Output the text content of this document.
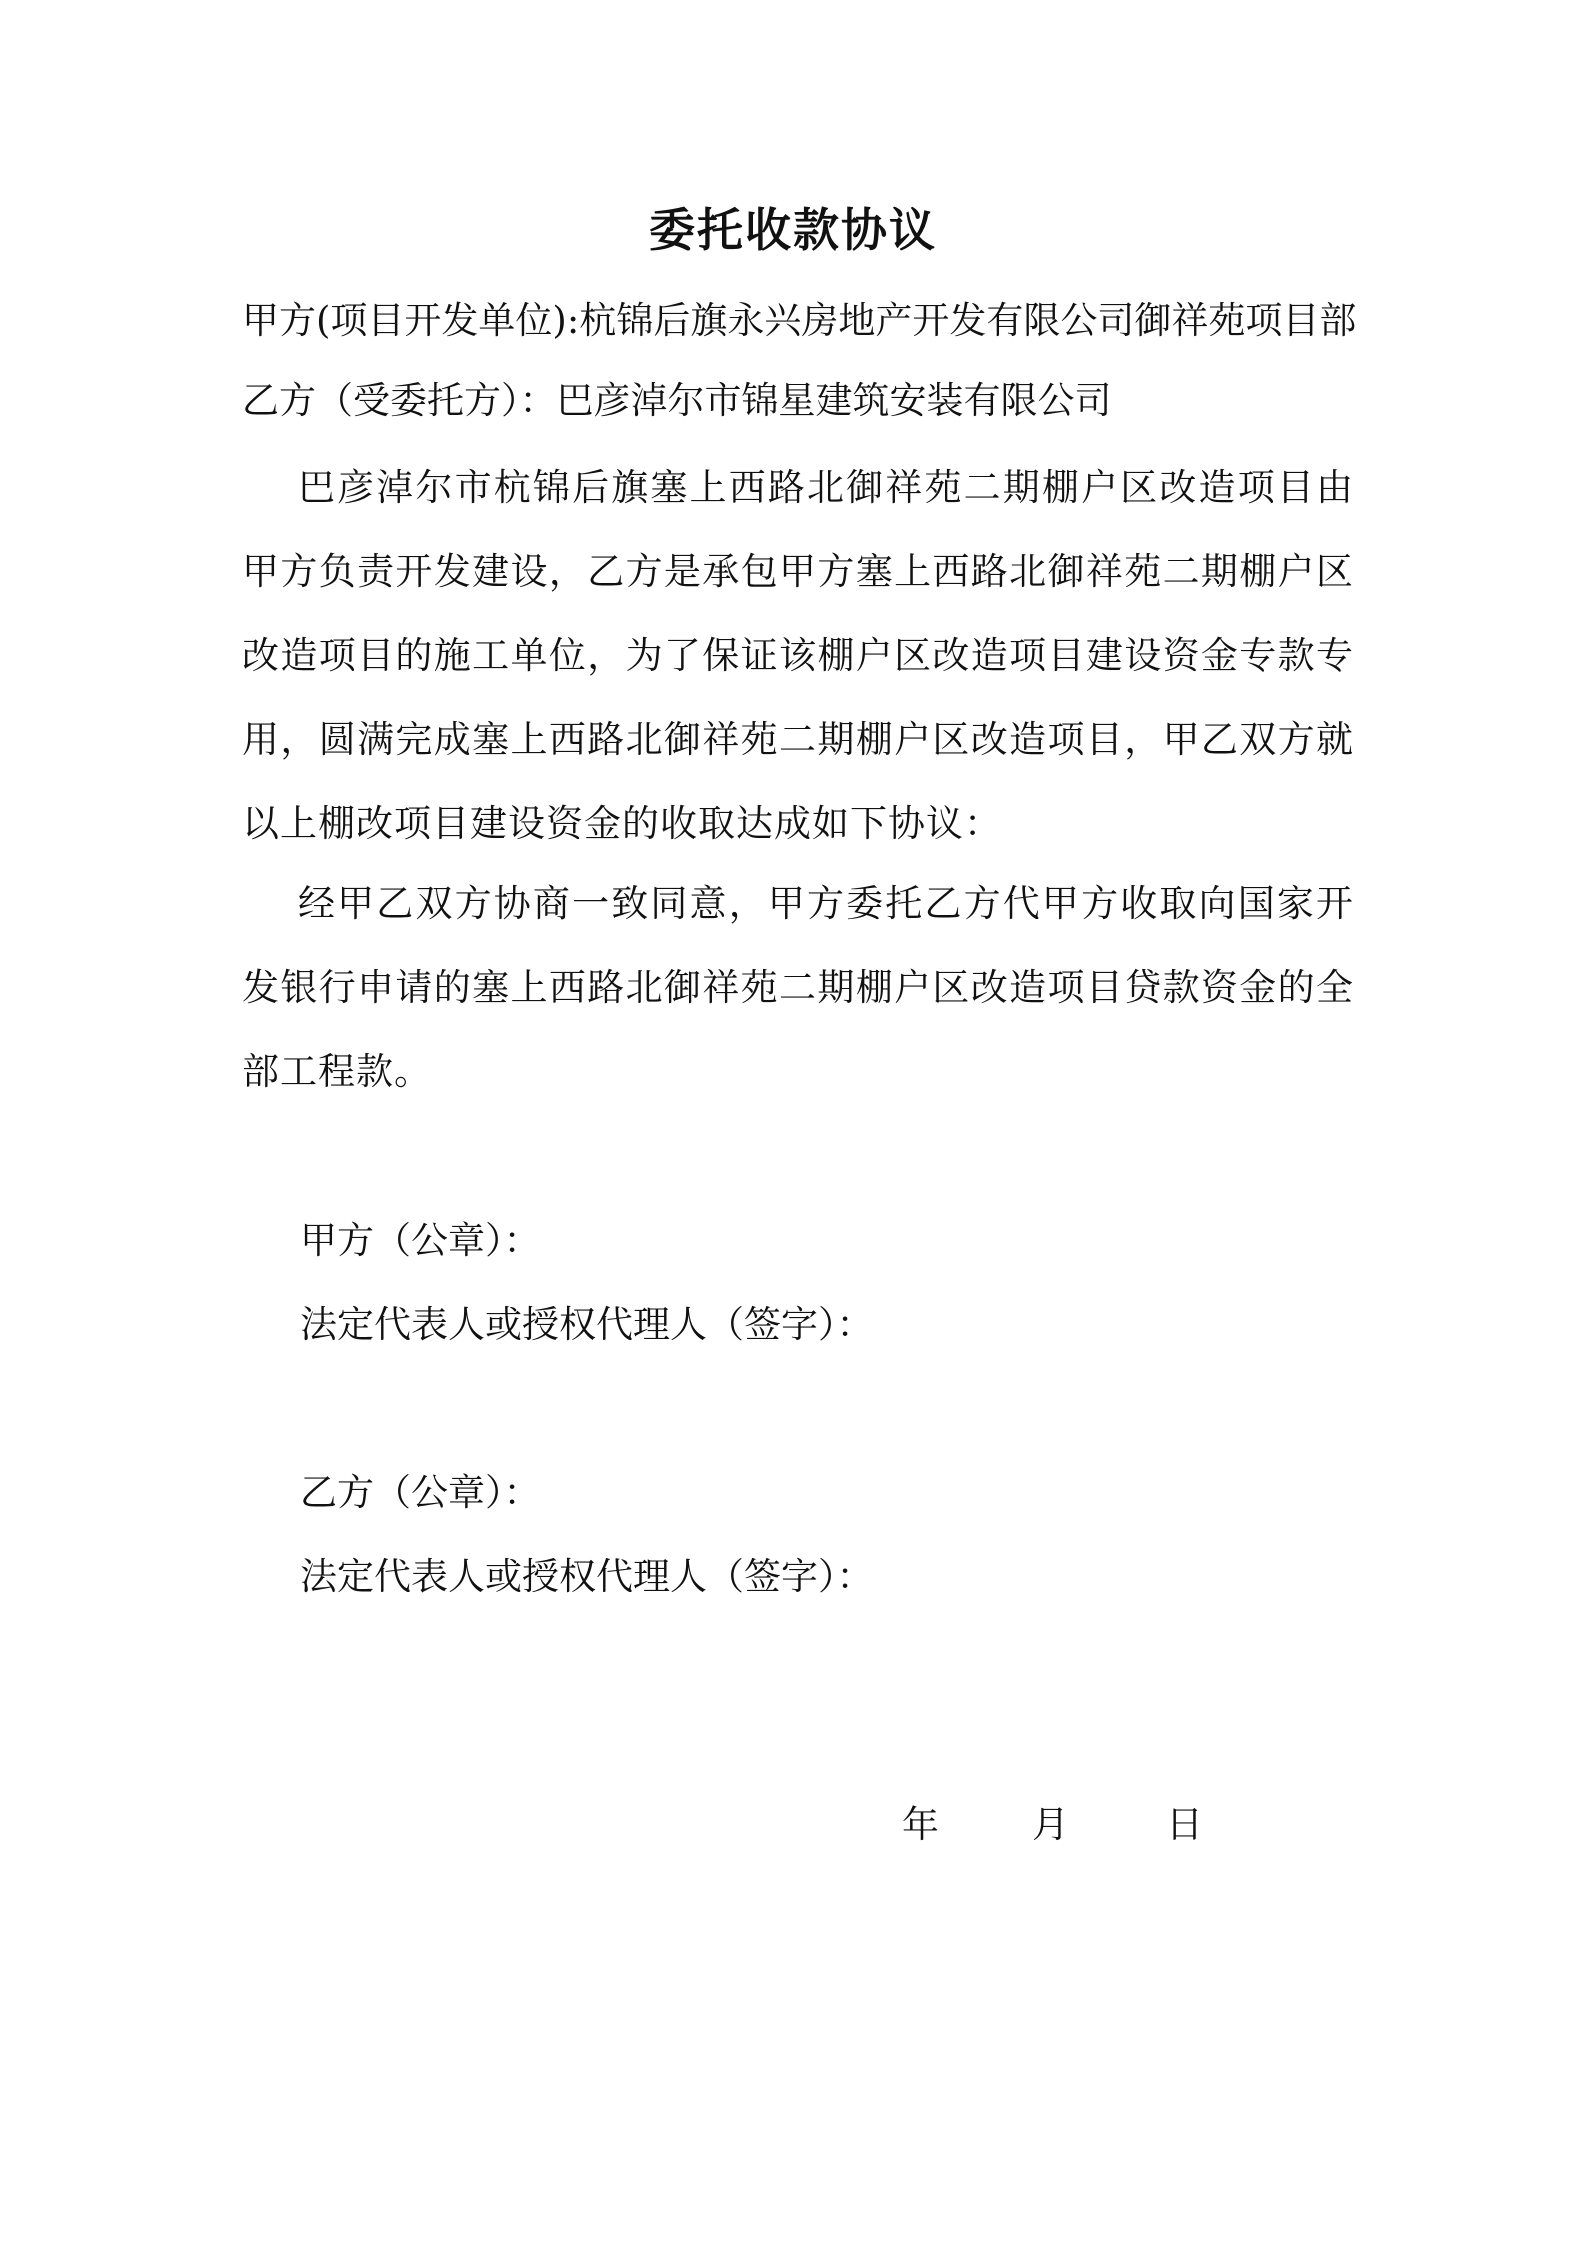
委托收款协议
甲方(项目开发单位):杭锦后旗永兴房地产开发有限公司御祥苑项目部
乙方（受委托方）：巴彦淖尔市锦星建筑安装有限公司
巴彦淖尔市杭锦后旗塞上西路北御祥苑二期棚户区改造项目由甲方负责开发建设，乙方是承包甲方塞上西路北御祥苑二期棚户区改造项目的施工单位，为了保证该棚户区改造项目建设资金专款专用，圆满完成塞上西路北御祥苑二期棚户区改造项目，甲乙双方就以上棚改项目建设资金的收取达成如下协议：
经甲乙双方协商一致同意，甲方委托乙方代甲方收取向国家开发银行申请的塞上西路北御祥苑二期棚户区改造项目贷款资金的全部工程款。
甲方（公章）：
法定代表人或授权代理人（签字）：
乙方（公章）：
法定代表人或授权代理人（签字）：
年	月	日
